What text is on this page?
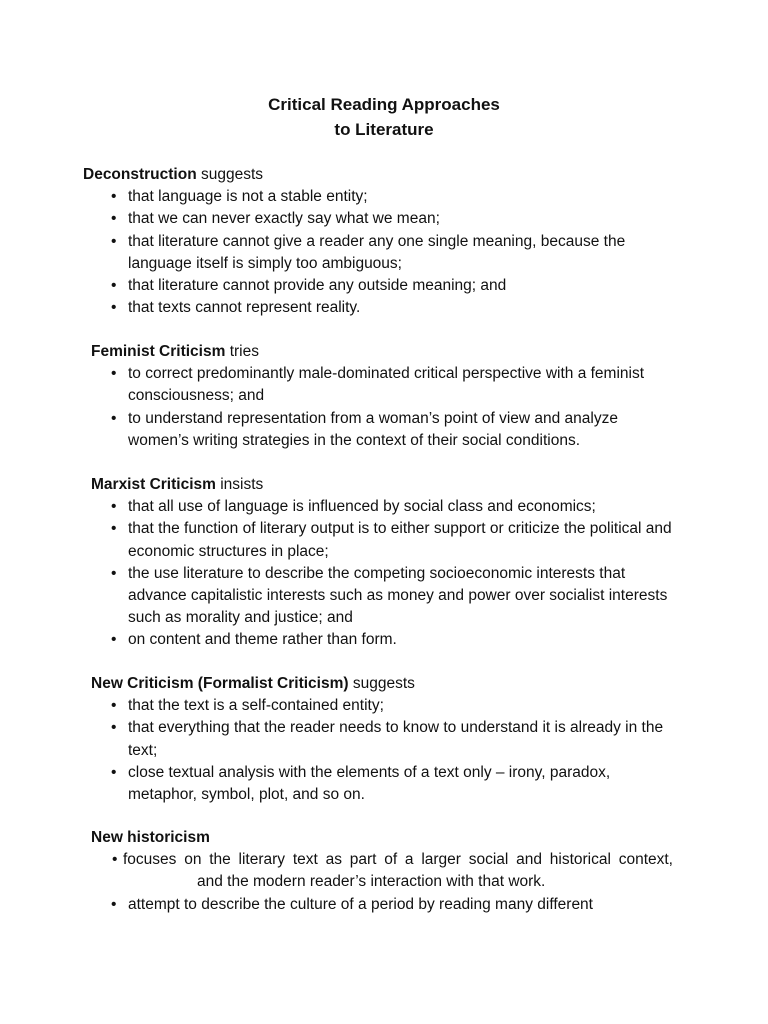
Critical Reading Approaches
to Literature
Deconstruction suggests
• that language is not a stable entity;
• that we can never exactly say what we mean;
• that literature cannot give a reader any one single meaning, because the language itself is simply too ambiguous;
• that literature cannot provide any outside meaning; and
• that texts cannot represent reality.
Feminist Criticism tries
• to correct predominantly male-dominated critical perspective with a feminist consciousness; and
• to understand representation from a woman’s point of view and analyze women’s writing strategies in the context of their social conditions.
Marxist Criticism insists
• that all use of language is influenced by social class and economics;
• that the function of literary output is to either support or criticize the political and economic structures in place;
• the use literature to describe the competing socioeconomic interests that advance capitalistic interests such as money and power over socialist interests such as morality and justice; and
• on content and theme rather than form.
New Criticism (Formalist Criticism) suggests
• that the text is a self-contained entity;
• that everything that the reader needs to know to understand it is already in the text;
• close textual analysis with the elements of a text only – irony, paradox, metaphor, symbol, plot, and so on.
New historicism
• focuses on the literary text as part of a larger social and historical context,and the modern reader’s interaction with that work.
• attempt to describe the culture of a period by reading many different
